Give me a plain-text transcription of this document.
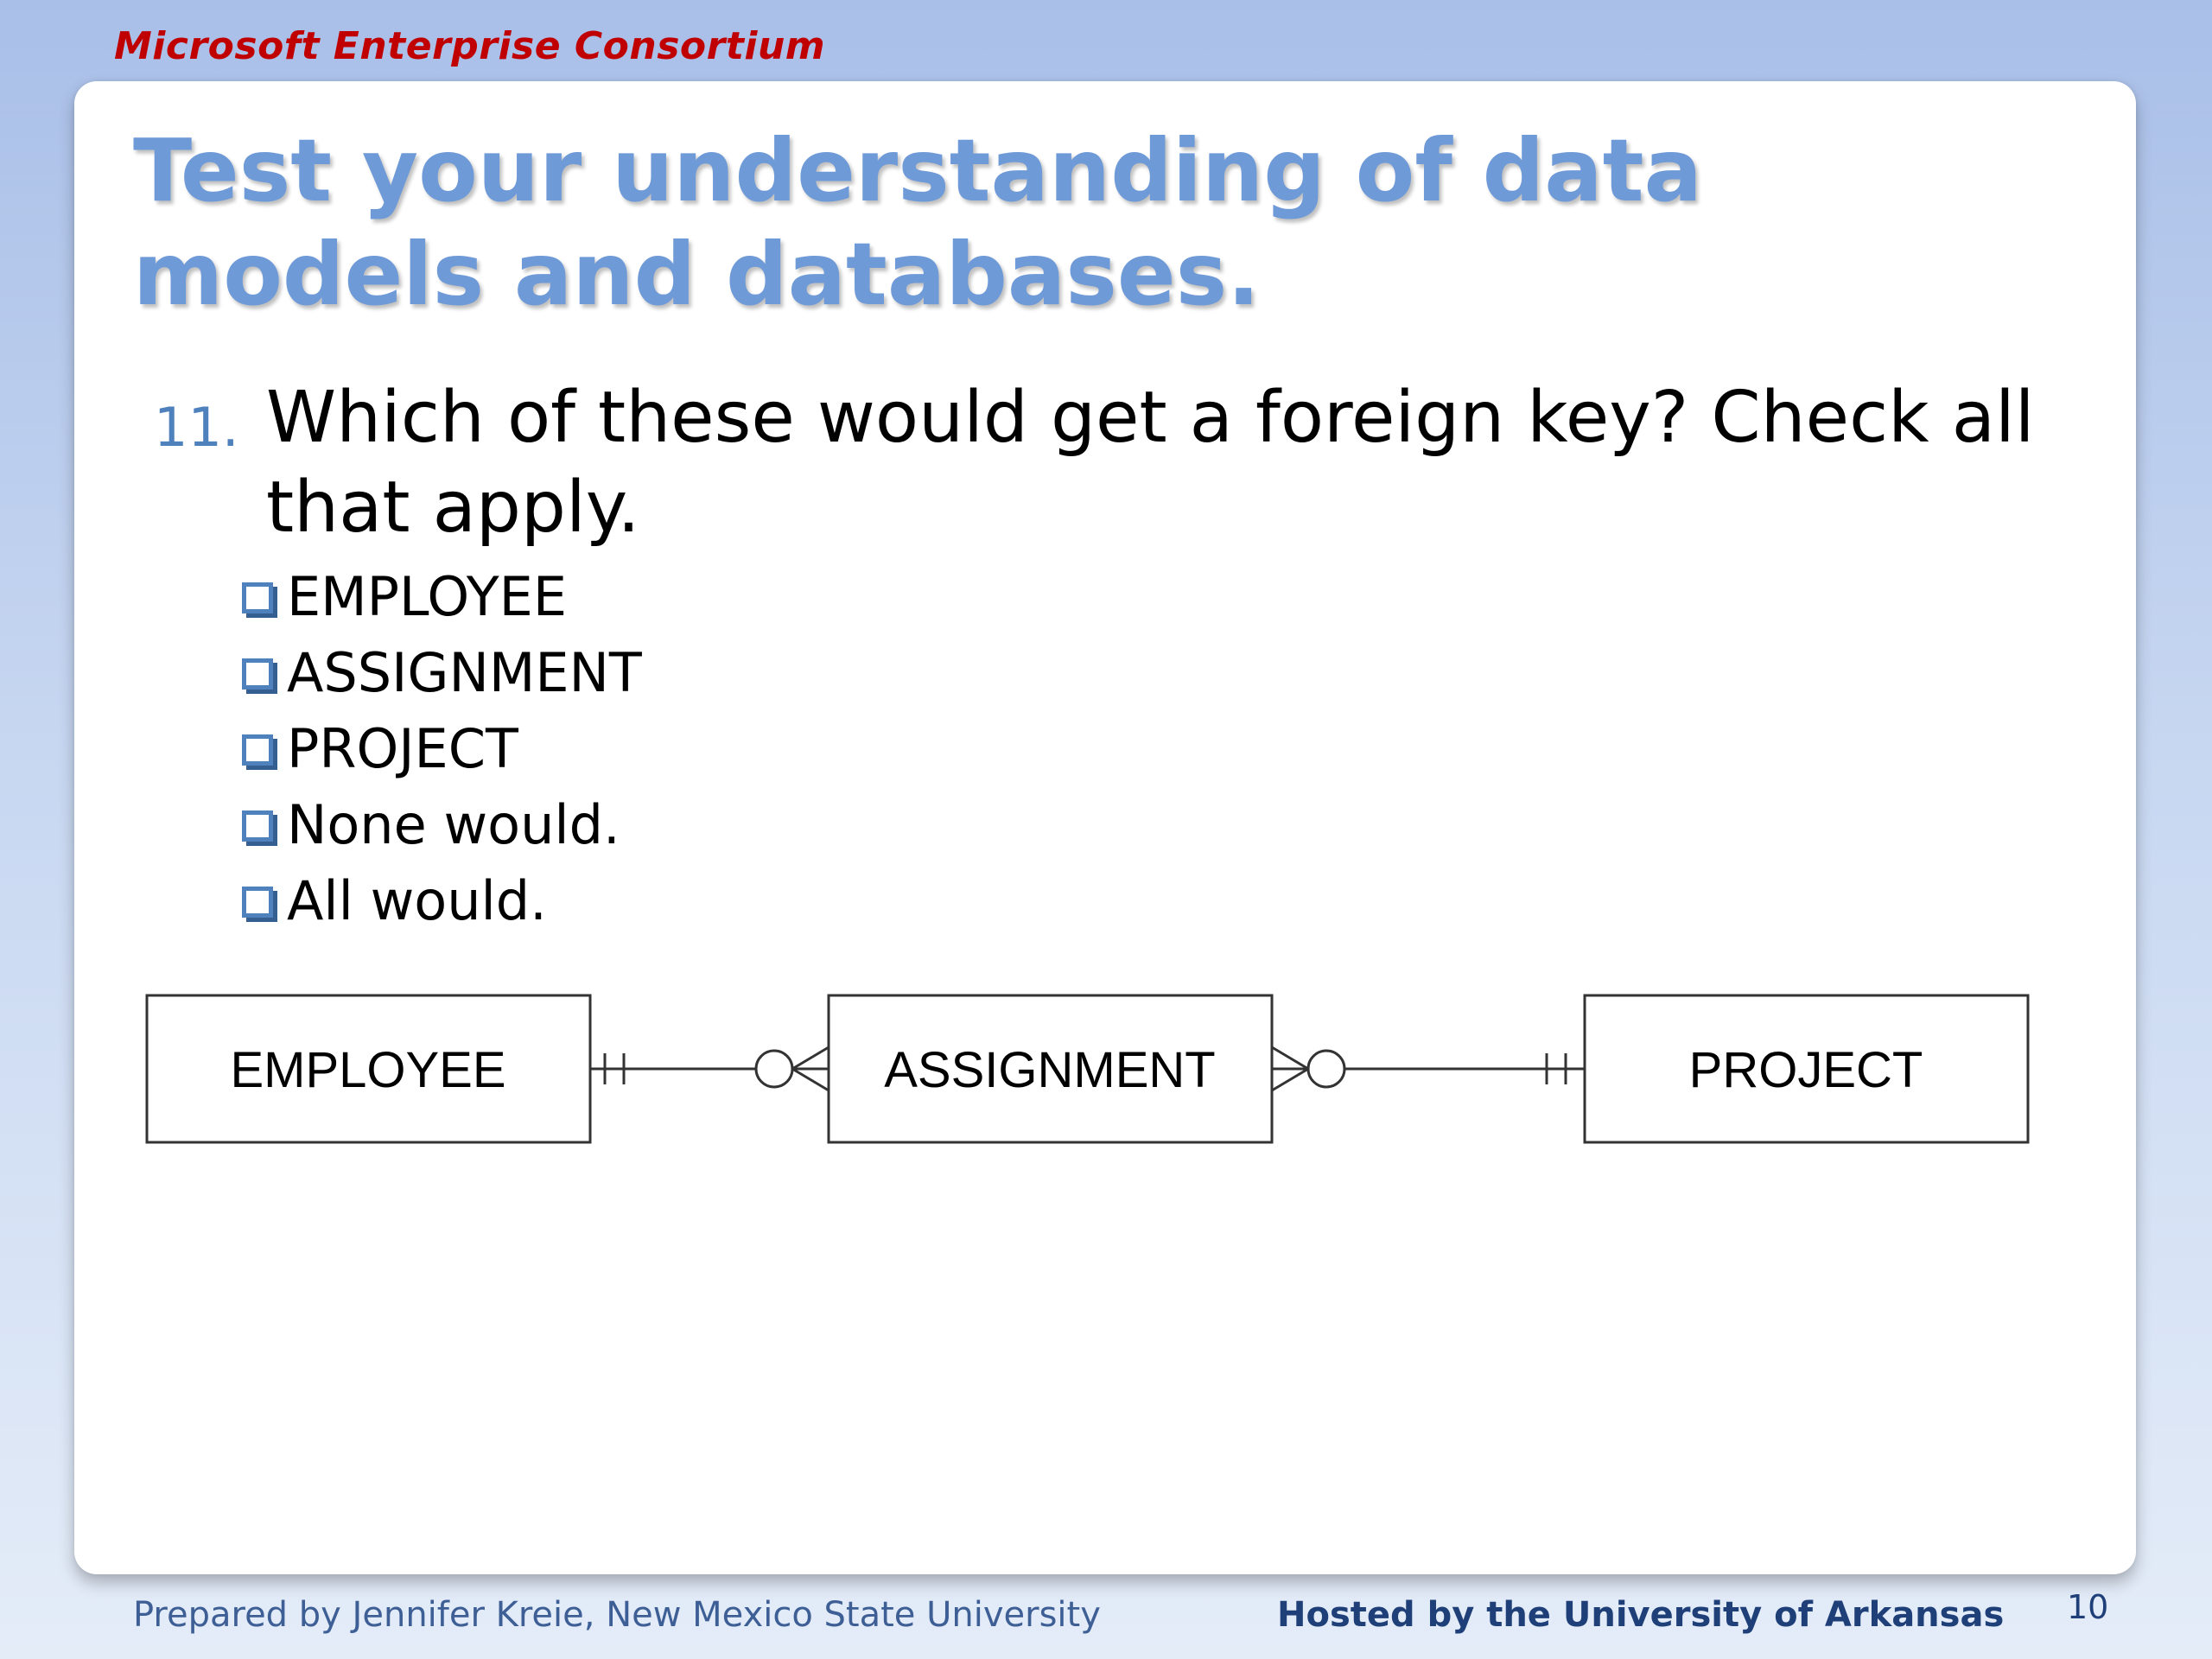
Microsoft Enterprise Consortium
Test your understanding of data models and databases.
11. Which of these would get a foreign key? Check all that apply.
EMPLOYEE
ASSIGNMENT
PROJECT
None would.
All would.
EMPLOYEE	ASSIGNMENT	PROJECT
Prepared by Jennifer Kreie, New Mexico State University	Hosted by the University of Arkansas 10
